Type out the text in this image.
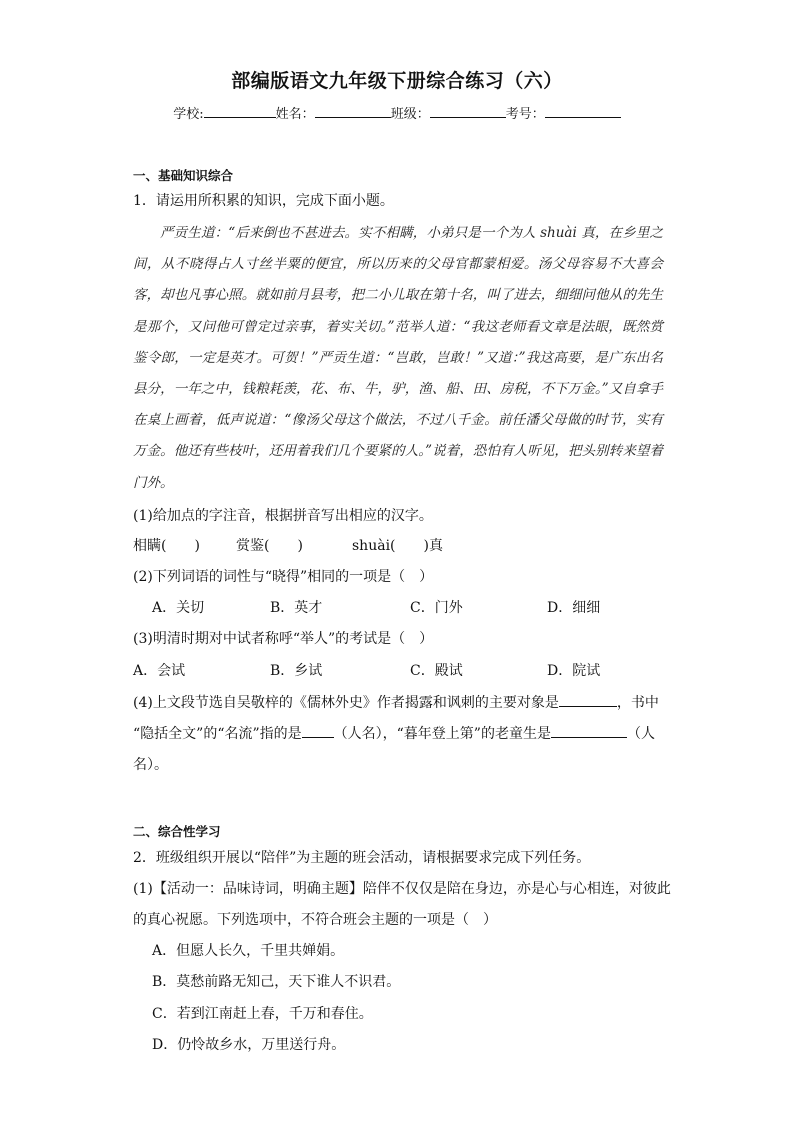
部编版语文九年级下册综合练习（六）
学校:	姓名：	班级：	考号：
一、基础知识综合
1．请运用所积累的知识，完成下面小题。
严贡生道：“后来倒也不甚进去。实不相瞒，小弟只是一个为人 shuài 真，在乡里之间，从不晓得占人寸丝半粟的便宜，所以历来的父母官都蒙相爱。汤父母容易不大喜会客，却也凡事心照。就如前月县考，把二小儿取在第十名，叫了进去，细细问他从的先生是那个，又问他可曾定过亲事，着实关切。”范举人道：“我这老师看文章是法眼，既然赏鉴令郎，一定是英才。可贺！”严贡生道：“岂敢，岂敢！”又道：”我这高要，是广东出名县分，一年之中，钱粮耗羡，花、布、牛，驴，渔、船、田、房税，不下万金。”又自拿手在桌上画着，低声说道：“像汤父母这个做法，不过八千金。前任潘父母做的时节，实有万金。他还有些枝叶，还用着我们几个要紧的人。”说着，恐怕有人听见，把头别转来望着门外。
(1)给加点的字注音，根据拼音写出相应的汉字。
相瞒(　　)	赏鉴(　　)	shuài(　　)真
(2)下列词语的词性与“晓得”相同的一项是（　）
A．关切	B．英才	C．门外	D．细细
(3)明清时期对中试者称呼“举人”的考试是（　）
A．会试	B．乡试	C．殿试	D．院试
(4)上文段节选自吴敬梓的《儒林外史》作者揭露和讽刺的主要对象是	，书中
“隐括全文”的“名流”指的是 （人名），“暮年登上第”的老童生是	（人
名）。
二、综合性学习
2．班级组织开展以“陪伴”为主题的班会活动，请根据要求完成下列任务。
(1)【活动一：品味诗词，明确主题】陪伴不仅仅是陪在身边，亦是心与心相连，对彼此
的真心祝愿。下列选项中，不符合班会主题的一项是（　）
A．但愿人长久，千里共婵娟。
B．莫愁前路无知己，天下谁人不识君。
C．若到江南赶上春，千万和春住。
D．仍怜故乡水，万里送行舟。
